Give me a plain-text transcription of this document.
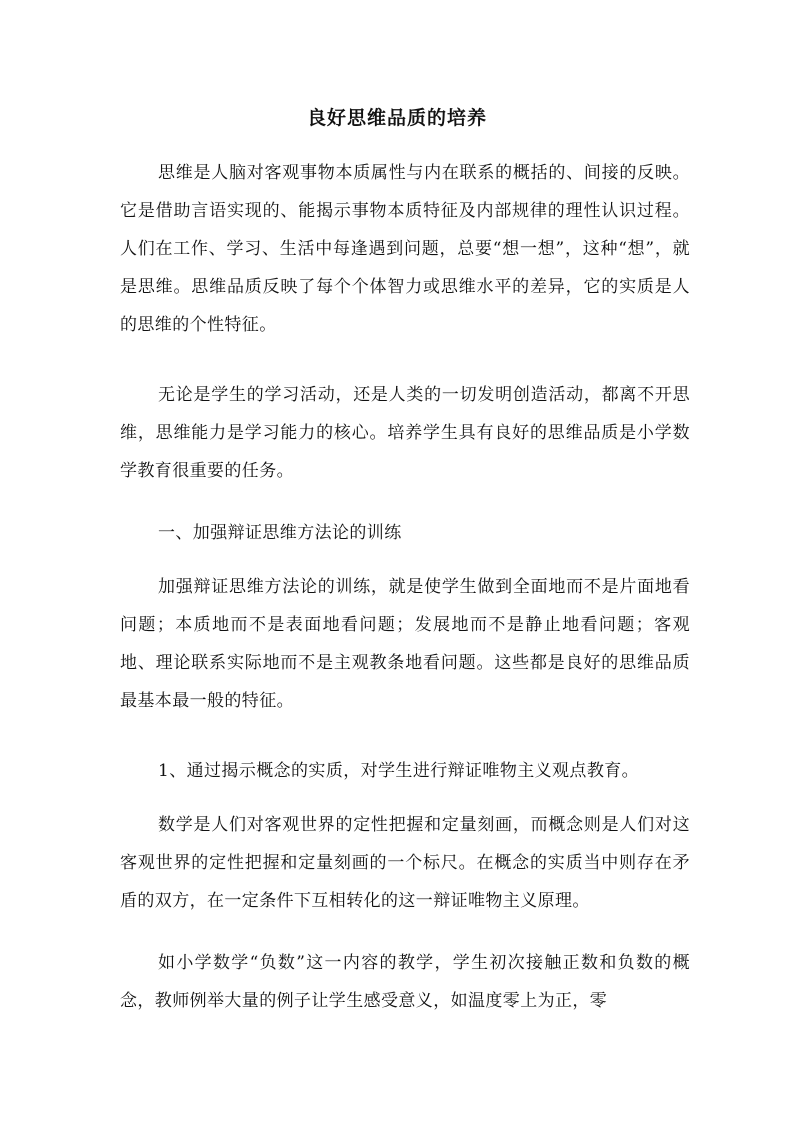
良好思维品质的培养

思维是人脑对客观事物本质属性与内在联系的概括的、间接的反映。它是借助言语实现的、能揭示事物本质特征及内部规律的理性认识过程。人们在工作、学习、生活中每逢遇到问题，总要“想一想”，这种“想”，就是思维。思维品质反映了每个个体智力或思维水平的差异，它的实质是人的思维的个性特征。

无论是学生的学习活动，还是人类的一切发明创造活动，都离不开思维，思维能力是学习能力的核心。培养学生具有良好的思维品质是小学数学教育很重要的任务。

一、加强辩证思维方法论的训练

加强辩证思维方法论的训练，就是使学生做到全面地而不是片面地看问题；本质地而不是表面地看问题；发展地而不是静止地看问题；客观地、理论联系实际地而不是主观教条地看问题。这些都是良好的思维品质最基本最一般的特征。

1、通过揭示概念的实质，对学生进行辩证唯物主义观点教育。

数学是人们对客观世界的定性把握和定量刻画，而概念则是人们对这客观世界的定性把握和定量刻画的一个标尺。在概念的实质当中则存在矛盾的双方，在一定条件下互相转化的这一辩证唯物主义原理。

如小学数学“负数”这一内容的教学，学生初次接触正数和负数的概念，教师例举大量的例子让学生感受意义，如温度零上为正，零
